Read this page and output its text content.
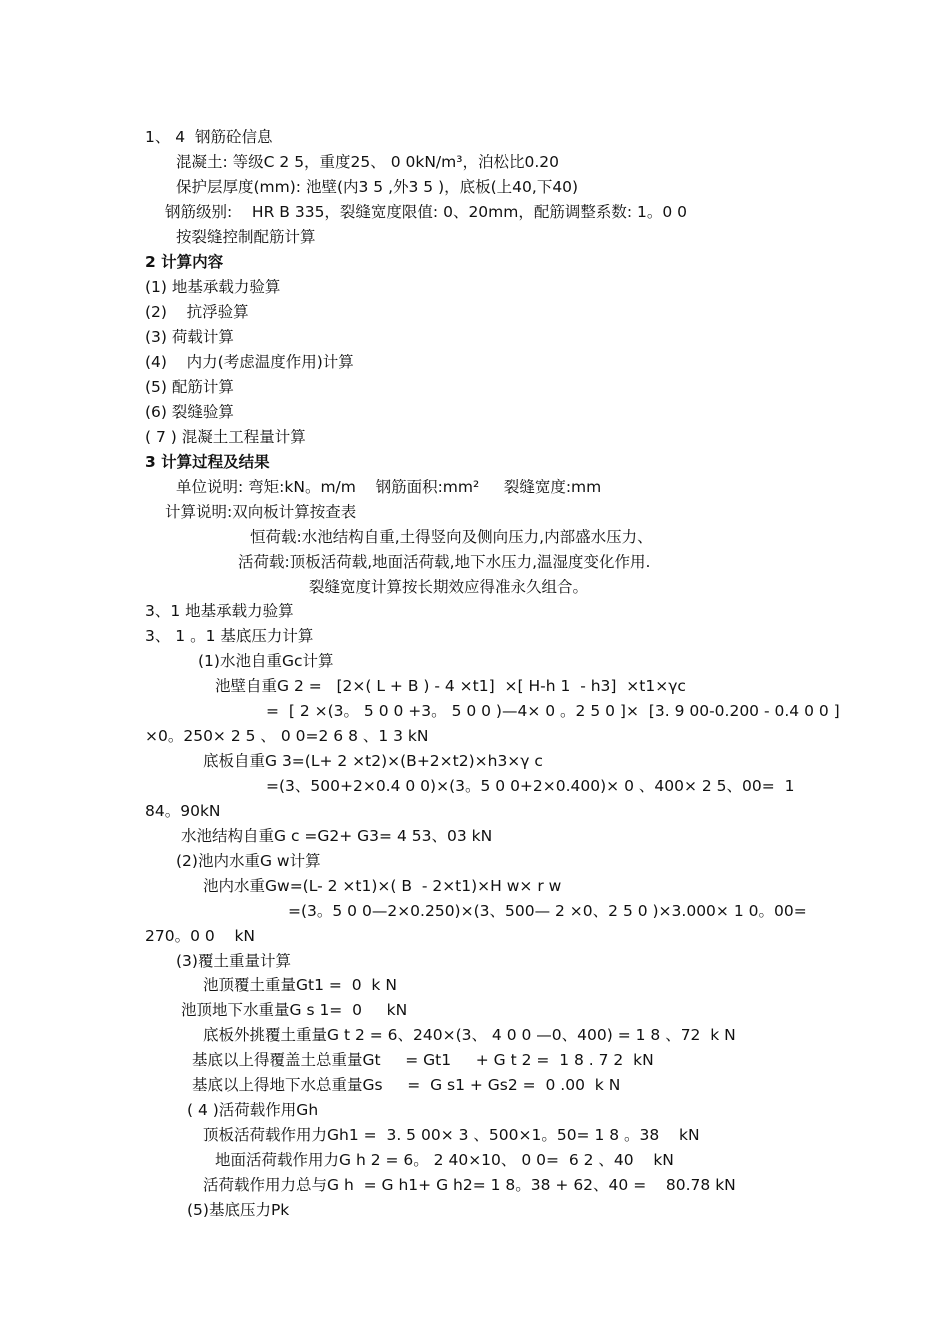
1、 4  钢筋砼信息
混凝土: 等级C 2 5，重度25、 0 0kN/m³，泊松比0.20
保护层厚度(mm): 池壁(内3 5 ,外3 5 )，底板(上40,下40)
钢筋级别:    HR B 335，裂缝宽度限值: 0、20mm，配筋调整系数: 1。0 0
按裂缝控制配筋计算
2 计算内容
(1) 地基承载力验算
(2)    抗浮验算
(3) 荷载计算
(4)    内力(考虑温度作用)计算
(5) 配筋计算
(6) 裂缝验算
( 7 ) 混凝土工程量计算
3 计算过程及结果
单位说明: 弯矩:kN。m/m    钢筋面积:mm²     裂缝宽度:mm
计算说明:双向板计算按查表
恒荷载:水池结构自重,土得竖向及侧向压力,内部盛水压力、
活荷载:顶板活荷载,地面活荷载,地下水压力,温湿度变化作用.
裂缝宽度计算按长期效应得准永久组合。
3、1 地基承载力验算
3、 1 。1 基底压力计算
(1)水池自重Gc计算
池壁自重G 2 =   [2×( L + B ) - 4 ×t1]  ×[ H-h 1  - h3]  ×t1×γc
=  [ 2 ×(3。 5 0 0 +3。 5 0 0 )—4× 0 。2 5 0 ]×  [3. 9 00-0.200 - 0.4 0 0 ]
×0。250× 2 5 、 0 0=2 6 8 、1 3 kN
底板自重G 3=(L+ 2 ×t2)×(B+2×t2)×h3×γ c
=(3、500+2×0.4 0 0)×(3。5 0 0+2×0.400)× 0 、400× 2 5、00=  1
84。90kN
水池结构自重G c =G2+ G3= 4 53、03 kN
(2)池内水重G w计算
池内水重Gw=(L- 2 ×t1)×( B  - 2×t1)×H w× r w
=(3。5 0 0—2×0.250)×(3、500— 2 ×0、2 5 0 )×3.000× 1 0。00=
270。0 0    kN
(3)覆土重量计算
池顶覆土重量Gt1 =  0  k N
池顶地下水重量G s 1=  0     kN
底板外挑覆土重量G t 2 = 6、240×(3、 4 0 0 —0、400) = 1 8 、72  k N
基底以上得覆盖土总重量Gt     = Gt1     + G t 2 =  1 8 . 7 2  kN
基底以上得地下水总重量Gs     =  G s1 + Gs2 =  0 .00  k N
( 4 )活荷载作用Gh
顶板活荷载作用力Gh1 =  3. 5 00× 3 、500×1。50= 1 8 。38    kN
地面活荷载作用力G h 2 = 6。 2 40×10、 0 0=  6 2 、40    kN
活荷载作用力总与G h  = G h1+ G h2= 1 8。38 + 62、40 =    80.78 kN
(5)基底压力Pk
